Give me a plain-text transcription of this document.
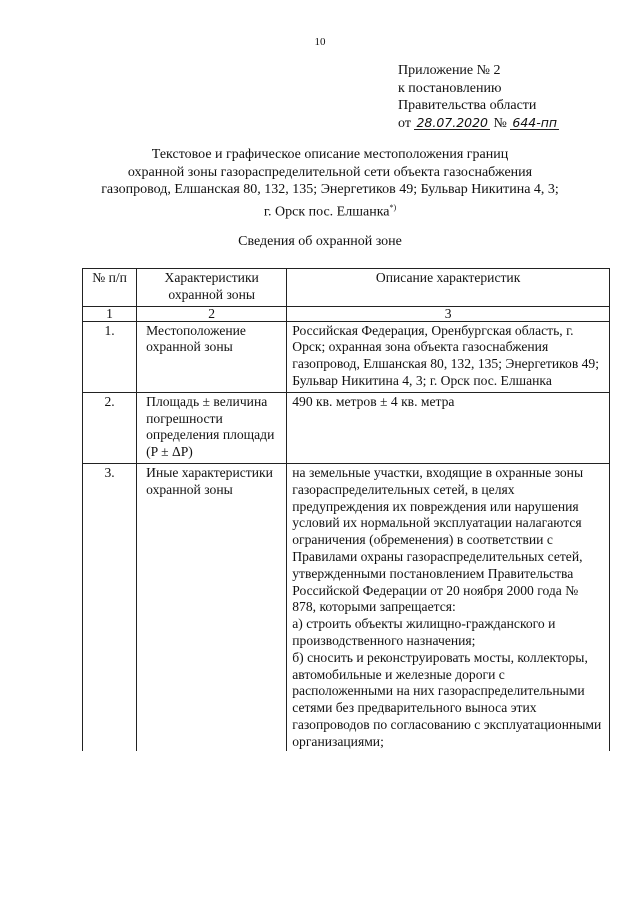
10
Приложение № 2
к постановлению
Правительства области
от 28.07.2020 № 644-пп
Текстовое и графическое описание местоположения границ
охранной зоны газораспределительной сети объекта газоснабжения
газопровод, Елшанская 80, 132, 135; Энергетиков 49; Бульвар Никитина 4, 3;
г. Орск пос. Елшанка*)
Сведения об охранной зоне
№ п/п	Характеристики охранной зоны	Описание характеристик
1	2	3
1.	Местоположение охранной зоны	Российская Федерация, Оренбургская область, г. Орск; охранная зона объекта газоснабжения газопровод, Елшанская 80, 132, 135; Энергетиков 49; Бульвар Никитина 4, 3; г. Орск пос. Елшанка
2.	Площадь ± величина погрешности определения площади (P ± ΔP)	490 кв. метров ± 4 кв. метра
3.	Иные характеристики охранной зоны	на земельные участки, входящие в охранные зоны газораспределительных сетей, в целях предупреждения их повреждения или нарушения условий их нормальной эксплуатации налагаются ограничения (обременения) в соответствии с Правилами охраны газораспределительных сетей, утвержденными постановлением Правительства Российской Федерации от 20 ноября 2000 года № 878, которыми запрещается:
а) строить объекты жилищно-гражданского и производственного назначения;
б) сносить и реконструировать мосты, коллекторы, автомобильные и железные дороги с расположенными на них газораспределительными сетями без предварительного выноса этих газопроводов по согласованию с эксплуатационными организациями;
